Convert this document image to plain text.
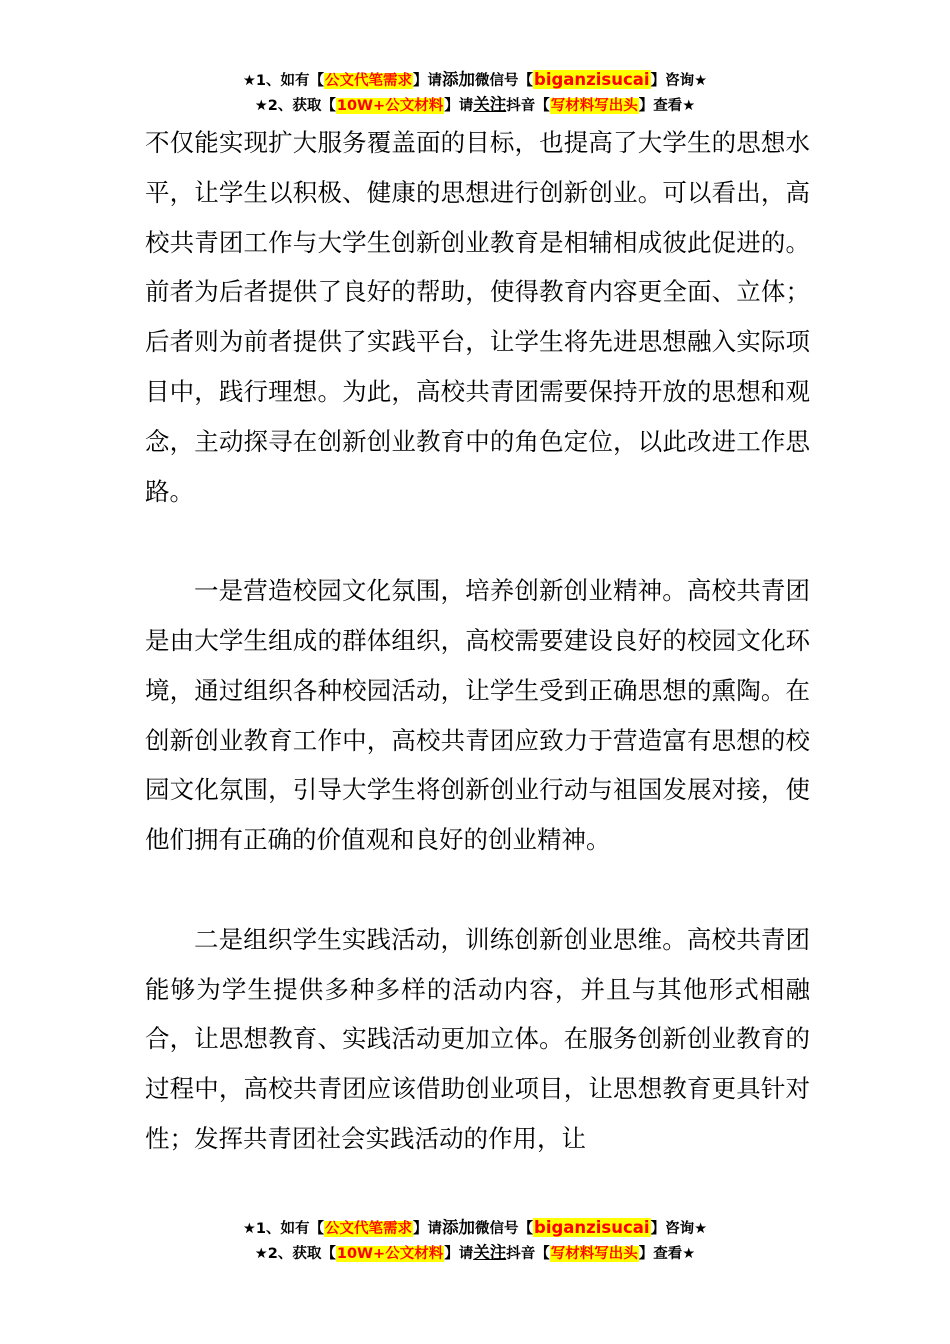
★1、如有【公文代笔需求】请添加微信号【biganzisucai】咨询★
★2、获取【10W+公文材料】请关注抖音【写材料写出头】查看★

不仅能实现扩大服务覆盖面的目标，也提高了大学生的思想水平，让学生以积极、健康的思想进行创新创业。可以看出，高校共青团工作与大学生创新创业教育是相辅相成彼此促进的。前者为后者提供了良好的帮助，使得教育内容更全面、立体；后者则为前者提供了实践平台，让学生将先进思想融入实际项目中，践行理想。为此，高校共青团需要保持开放的思想和观念，主动探寻在创新创业教育中的角色定位，以此改进工作思路。

一是营造校园文化氛围，培养创新创业精神。高校共青团是由大学生组成的群体组织，高校需要建设良好的校园文化环境，通过组织各种校园活动，让学生受到正确思想的熏陶。在创新创业教育工作中，高校共青团应致力于营造富有思想的校园文化氛围，引导大学生将创新创业行动与祖国发展对接，使他们拥有正确的价值观和良好的创业精神。

二是组织学生实践活动，训练创新创业思维。高校共青团能够为学生提供多种多样的活动内容，并且与其他形式相融合，让思想教育、实践活动更加立体。在服务创新创业教育的过程中，高校共青团应该借助创业项目，让思想教育更具针对性；发挥共青团社会实践活动的作用，让

★1、如有【公文代笔需求】请添加微信号【biganzisucai】咨询★
★2、获取【10W+公文材料】请关注抖音【写材料写出头】查看★
